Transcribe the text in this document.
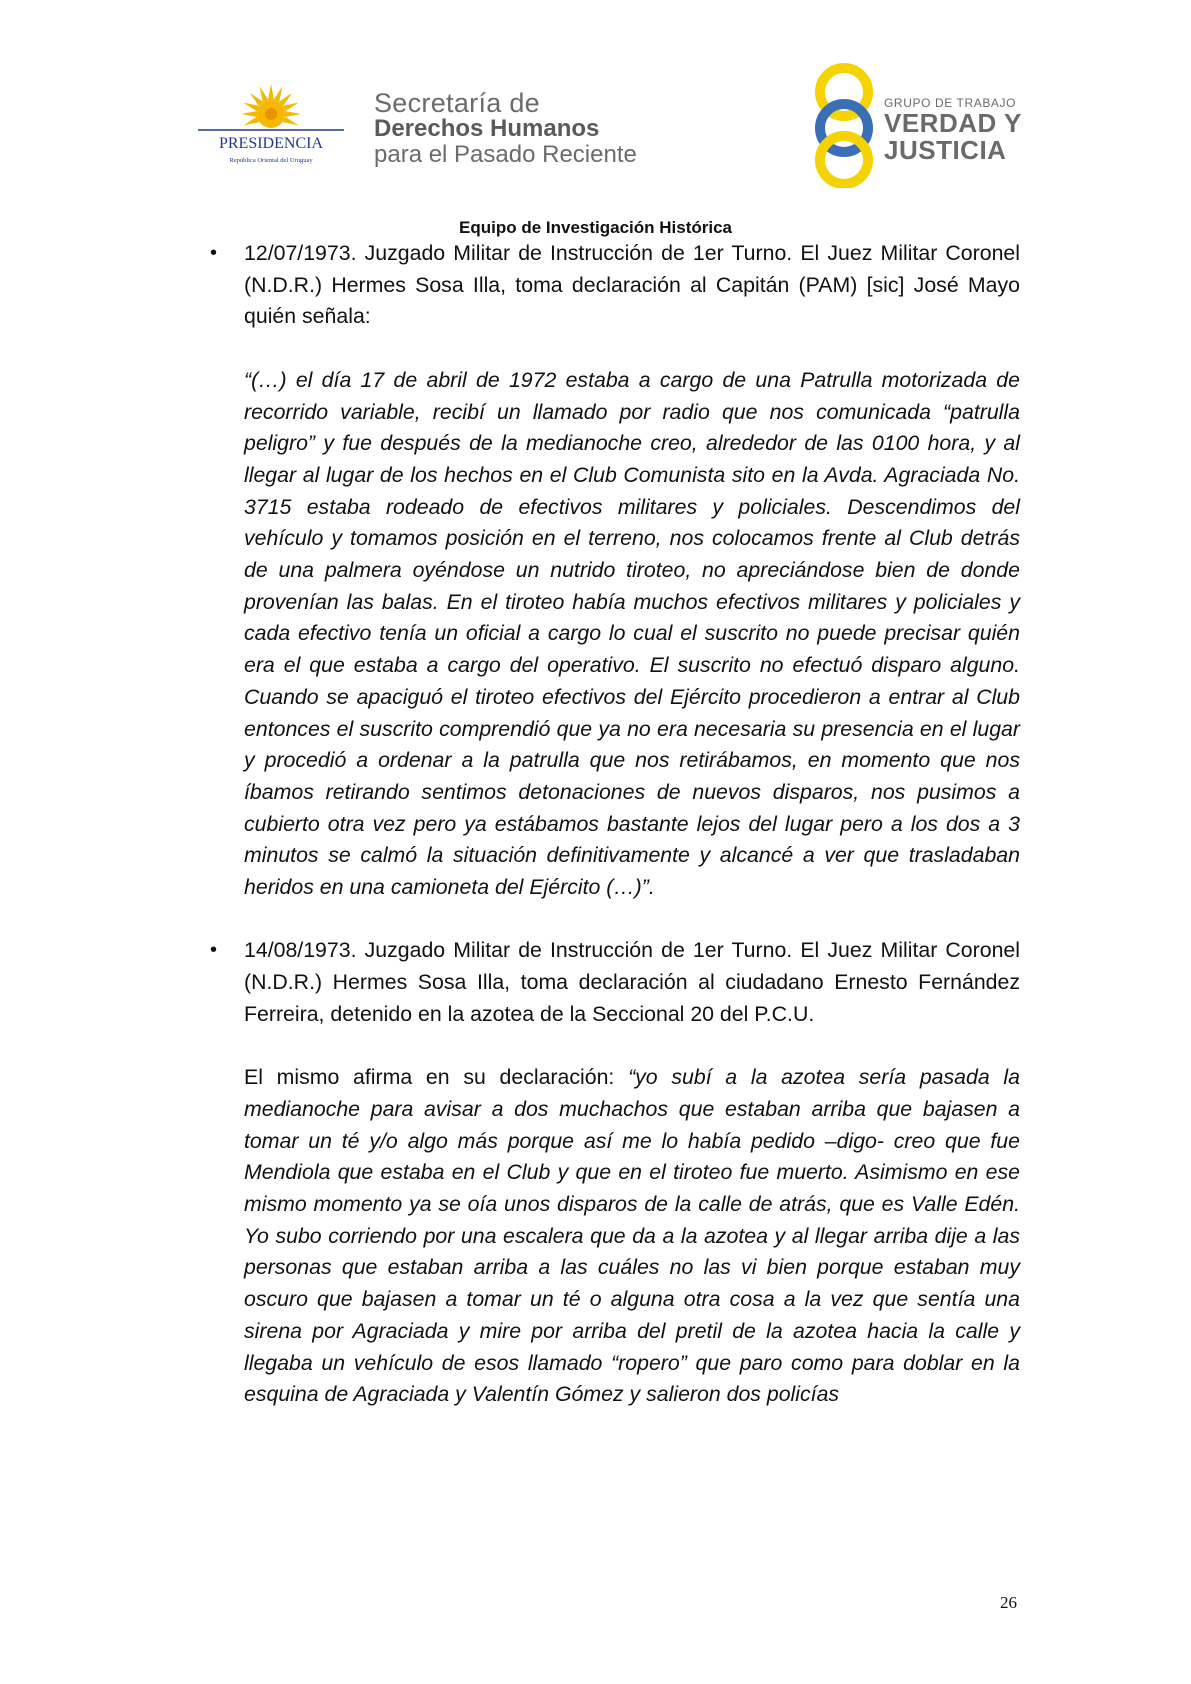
PRESIDENCIA
República Oriental del Uruguay
Secretaría de
Derechos Humanos
para el Pasado Reciente
GRUPO DE TRABAJO
VERDAD Y
JUSTICIA
Equipo de Investigación Histórica
• 12/07/1973. Juzgado Militar de Instrucción de 1er Turno. El Juez Militar Coronel (N.D.R.) Hermes Sosa Illa, toma declaración al Capitán (PAM) [sic] José Mayo quién señala:

“(…) el día 17 de abril de 1972 estaba a cargo de una Patrulla motorizada de recorrido variable, recibí un llamado por radio que nos comunicada “patrulla peligro” y fue después de la medianoche creo, alrededor de las 0100 hora, y al llegar al lugar de los hechos en el Club Comunista sito en la Avda. Agraciada No. 3715 estaba rodeado de efectivos militares y policiales. Descendimos del vehículo y tomamos posición en el terreno, nos colocamos frente al Club detrás de una palmera oyéndose un nutrido tiroteo, no apreciándose bien de donde provenían las balas. En el tiroteo había muchos efectivos militares y policiales y cada efectivo tenía un oficial a cargo lo cual el suscrito no puede precisar quién era el que estaba a cargo del operativo. El suscrito no efectuó disparo alguno. Cuando se apaciguó el tiroteo efectivos del Ejército procedieron a entrar al Club entonces el suscrito comprendió que ya no era necesaria su presencia en el lugar y procedió a ordenar a la patrulla que nos retirábamos, en momento que nos íbamos retirando sentimos detonaciones de nuevos disparos, nos pusimos a cubierto otra vez pero ya estábamos bastante lejos del lugar pero a los dos a 3 minutos se calmó la situación definitivamente y alcancé a ver que trasladaban heridos en una camioneta del Ejército (…)”.

• 14/08/1973. Juzgado Militar de Instrucción de 1er Turno. El Juez Militar Coronel (N.D.R.) Hermes Sosa Illa, toma declaración al ciudadano Ernesto Fernández Ferreira, detenido en la azotea de la Seccional 20 del P.C.U.

El mismo afirma en su declaración: “yo subí a la azotea sería pasada la medianoche para avisar a dos muchachos que estaban arriba que bajasen a tomar un té y/o algo más porque así me lo había pedido –digo- creo que fue Mendiola que estaba en el Club y que en el tiroteo fue muerto. Asimismo en ese mismo momento ya se oía unos disparos de la calle de atrás, que es Valle Edén. Yo subo corriendo por una escalera que da a la azotea y al llegar arriba dije a las personas que estaban arriba a las cuáles no las vi bien porque estaban muy oscuro que bajasen a tomar un té o alguna otra cosa a la vez que sentía una sirena por Agraciada y mire por arriba del pretil de la azotea hacia la calle y llegaba un vehículo de esos llamado “ropero” que paro como para doblar en la esquina de Agraciada y Valentín Gómez y salieron dos policías

26
